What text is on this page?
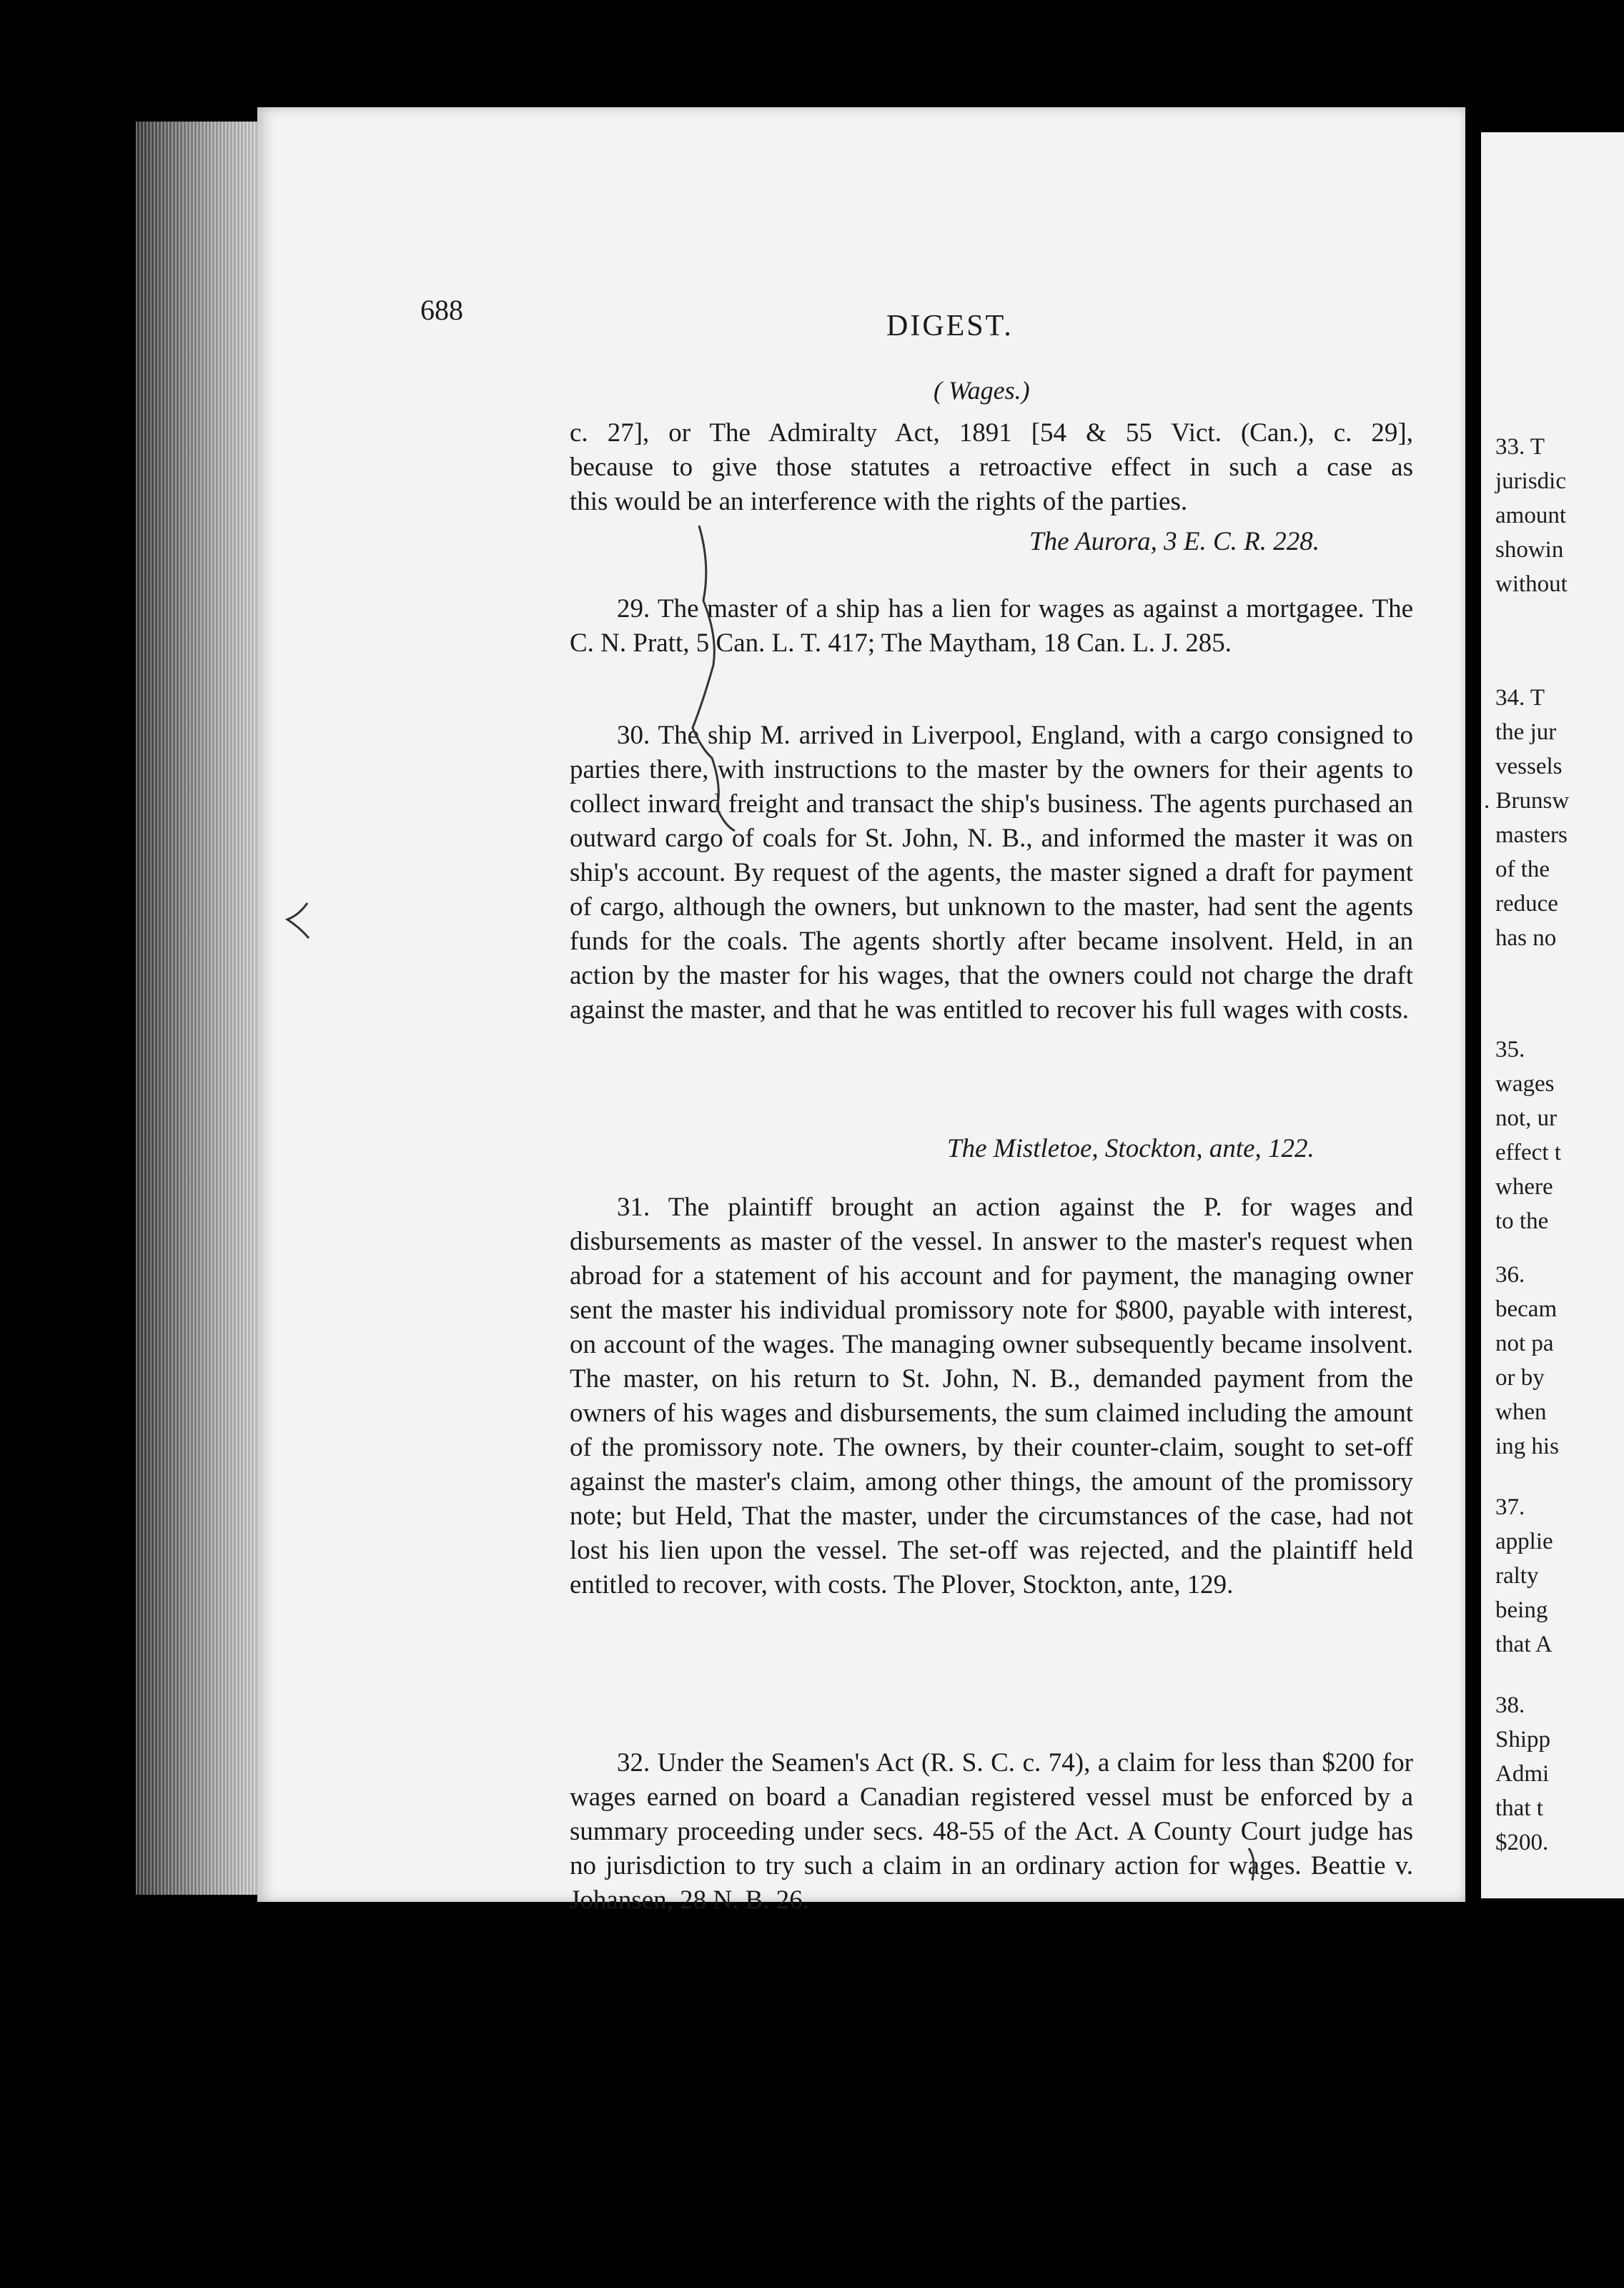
688	DIGEST.
( Wages.)
c. 27], or The Admiralty Act, 1891 [54 & 55 Vict. (Can.), c. 29],
because to give those statutes a retroactive effect in such a case as
this would be an interference with the rights of the parties.
The Aurora, 3 E. C. R. 228.
29. The master of a ship has a lien for wages as against a mortgagee. The C. N. Pratt, 5 Can. L. T. 417; The Maytham, 18 Can. L. J. 285.
30. The ship M. arrived in Liverpool, England, with a cargo consigned to parties there, with instructions to the master by the owners for their agents to collect inward freight and transact the ship's business. The agents purchased an outward cargo of coals for St. John, N. B., and informed the master it was on ship's account. By request of the agents, the master signed a draft for payment of cargo, although the owners, but unknown to the master, had sent the agents funds for the coals. The agents shortly after became insolvent. Held, in an action by the master for his wages, that the owners could not charge the draft against the master, and that he was entitled to recover his full wages with costs.
The Mistletoe, Stockton, ante, 122.
31. The plaintiff brought an action against the P. for wages and disbursements as master of the vessel. In answer to the master's request when abroad for a statement of his account and for payment, the managing owner sent the master his individual promissory note for $800, payable with interest, on account of the wages. The managing owner subsequently became insolvent. The master, on his return to St. John, N. B., demanded payment from the owners of his wages and disbursements, the sum claimed including the amount of the promissory note. The owners, by their counter-claim, sought to set-off against the master's claim, among other things, the amount of the promissory note; but Held, That the master, under the circumstances of the case, had not lost his lien upon the vessel. The set-off was rejected, and the plaintiff held entitled to recover, with costs. The Plover, Stockton, ante, 129.
32. Under the Seamen's Act (R. S. C. c. 74), a claim for less than $200 for wages earned on board a Canadian registered vessel must be enforced by a summary proceeding under secs. 48-55 of the Act. A County Court judge has no jurisdiction to try such a claim in an ordinary action for wages. Beattie v. Johansen, 28 N. B. 26.
33. T
jurisdic
amount
showin
without
34. T
the jur
vessels
. Brunsw
masters
of the
reduce
has no
35.
wages
not, ur
effect t
where
to the
36.
becam
not pa
or by
when
ing his
37.
applie
ralty
being
that A
38.
Shipp
Admi
that t
$200.
